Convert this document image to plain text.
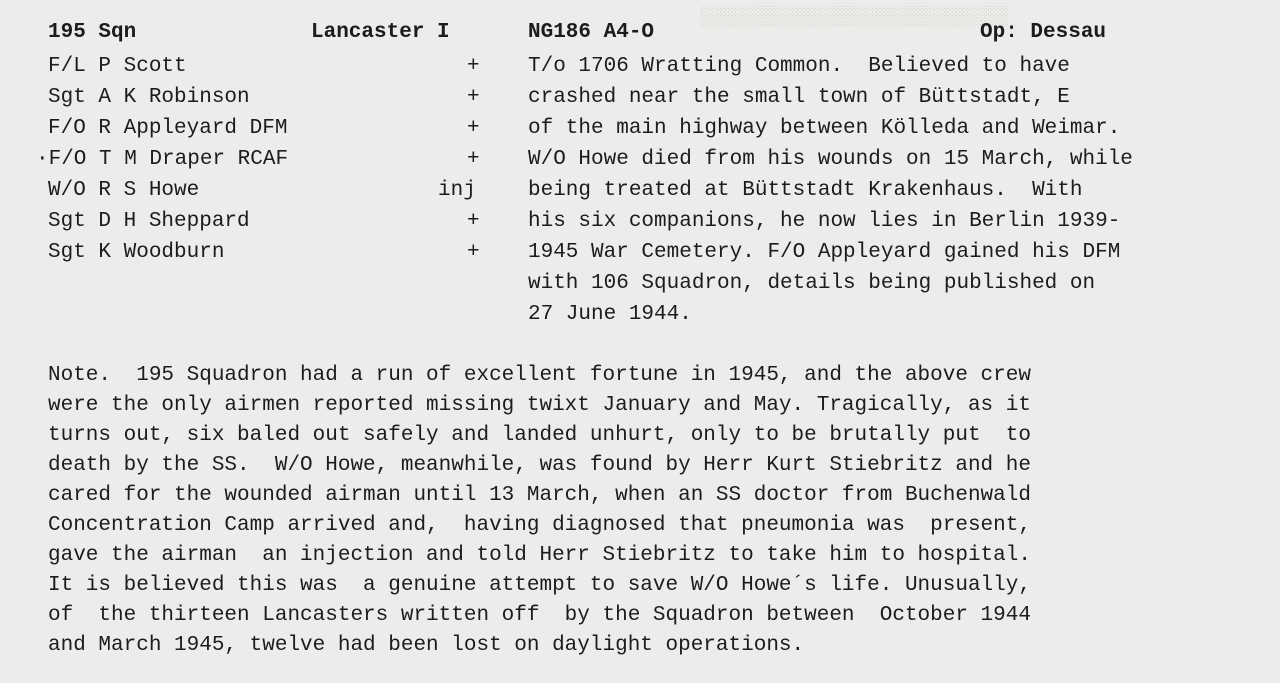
░░░░░░░░░░░░░░░░░░░░░░░░░░░
195 Sqn	Lancaster I	NG186 A4-O	Op: Dessau
F/L P Scott	+
Sgt A K Robinson	+
F/O R Appleyard DFM	+
·F/O T M Draper RCAF	+
W/O R S Howe	inj
Sgt D H Sheppard	+
Sgt K Woodburn	+
T/o 1706 Wratting Common.  Believed to have
crashed near the small town of Büttstadt, E
of the main highway between Kölleda and Weimar.
W/O Howe died from his wounds on 15 March, while
being treated at Büttstadt Krakenhaus.  With
his six companions, he now lies in Berlin 1939-
1945 War Cemetery. F/O Appleyard gained his DFM
with 106 Squadron, details being published on
27 June 1944.
Note.  195 Squadron had a run of excellent fortune in 1945, and the above crew
were the only airmen reported missing twixt January and May. Tragically, as it
turns out, six baled out safely and landed unhurt, only to be brutally put  to
death by the SS.  W/O Howe, meanwhile, was found by Herr Kurt Stiebritz and he
cared for the wounded airman until 13 March, when an SS doctor from Buchenwald
Concentration Camp arrived and,  having diagnosed that pneumonia was  present,
gave the airman  an injection and told Herr Stiebritz to take him to hospital.
It is believed this was  a genuine attempt to save W/O Howe´s life. Unusually,
of  the thirteen Lancasters written off  by the Squadron between  October 1944
and March 1945, twelve had been lost on daylight operations.
